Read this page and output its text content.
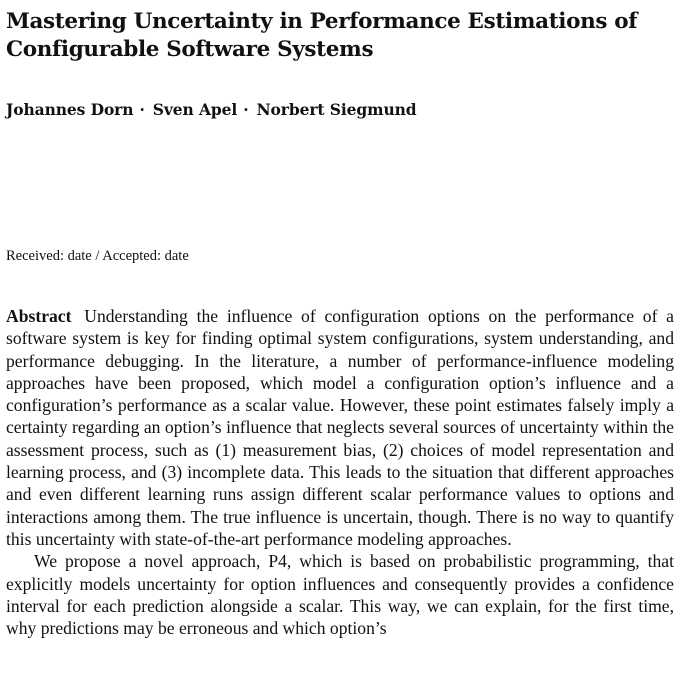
Mastering Uncertainty in Performance Estimations of Configurable Software Systems
Johannes Dorn · Sven Apel · Norbert Siegmund
Received: date / Accepted: date

Abstract Understanding the influence of configuration options on the performance of a software system is key for finding optimal system configurations, system understanding, and performance debugging. In the literature, a number of performance-influence modeling approaches have been proposed, which model a configuration option’s influence and a configuration’s performance as a scalar value. However, these point estimates falsely imply a certainty regarding an option’s influence that neglects several sources of uncertainty within the assessment process, such as (1) measurement bias, (2) choices of model representation and learning process, and (3) incomplete data. This leads to the situation that different approaches and even different learning runs assign different scalar performance values to options and interactions among them. The true influence is uncertain, though. There is no way to quantify this uncertainty with state-of-the-art performance modeling approaches.

We propose a novel approach, P4, which is based on probabilistic programming, that explicitly models uncertainty for option influences and consequently provides a confidence interval for each prediction alongside a scalar. This way, we can explain, for the first time, why predictions may be erroneous and which option’s
